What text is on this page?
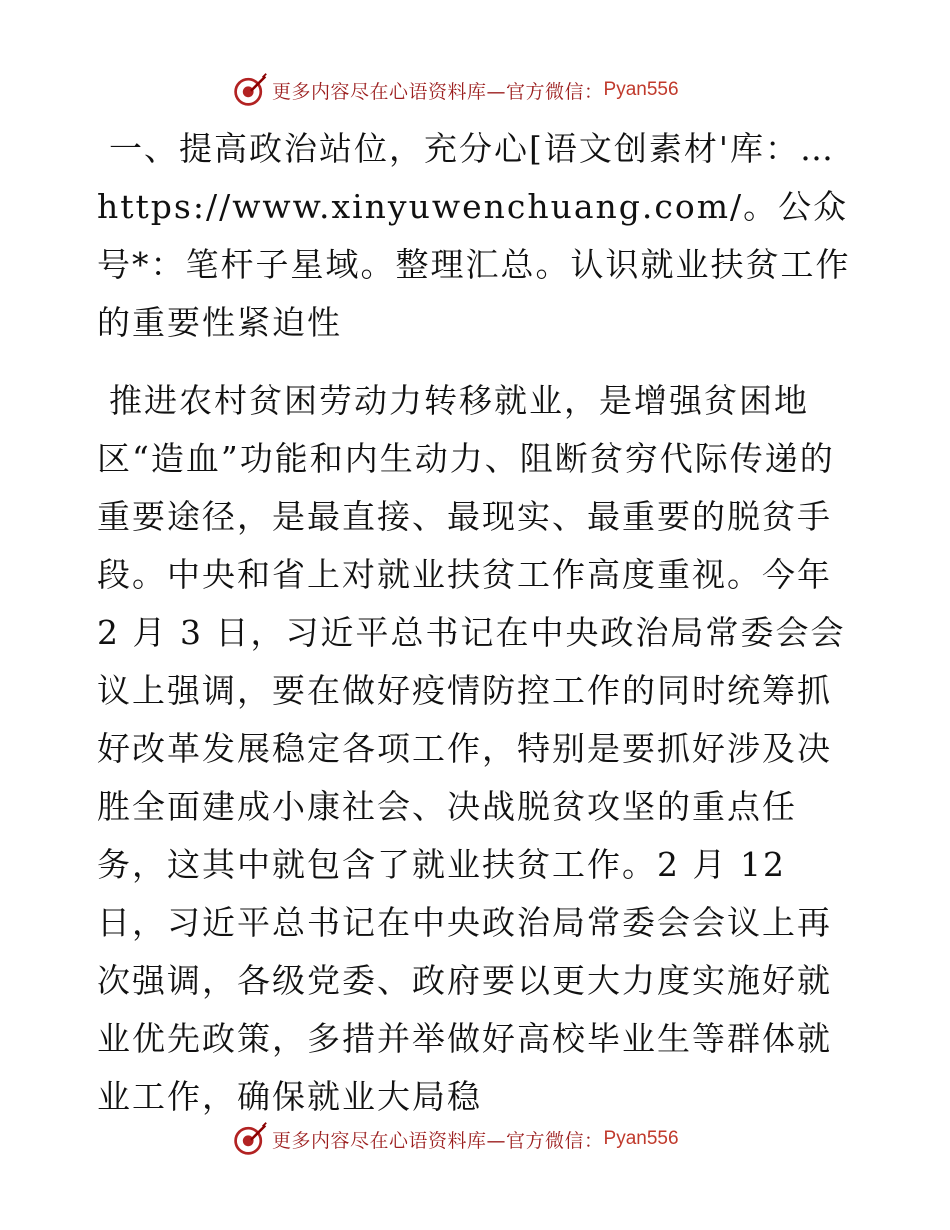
更多内容尽在心语资料库—官方微信： Pyan556

一、提高政治站位，充分心[语文创素材'库：… https://www.xinyuwenchuang.com/。公众号*：笔杆子星域。整理汇总。认识就业扶贫工作的重要性紧迫性

推进农村贫困劳动力转移就业，是增强贫困地区“造血”功能和内生动力、阻断贫穷代际传递的重要途径，是最直接、最现实、最重要的脱贫手段。中央和省上对就业扶贫工作高度重视。今年 2 月 3 日，习近平总书记在中央政治局常委会会议上强调，要在做好疫情防控工作的同时统筹抓好改革发展稳定各项工作，特别是要抓好涉及决胜全面建成小康社会、决战脱贫攻坚的重点任务，这其中就包含了就业扶贫工作。2 月 12 日，习近平总书记在中央政治局常委会会议上再次强调，各级党委、政府要以更大力度实施好就业优先政策，多措并举做好高校毕业生等群体就业工作，确保就业大局稳

更多内容尽在心语资料库—官方微信： Pyan556
